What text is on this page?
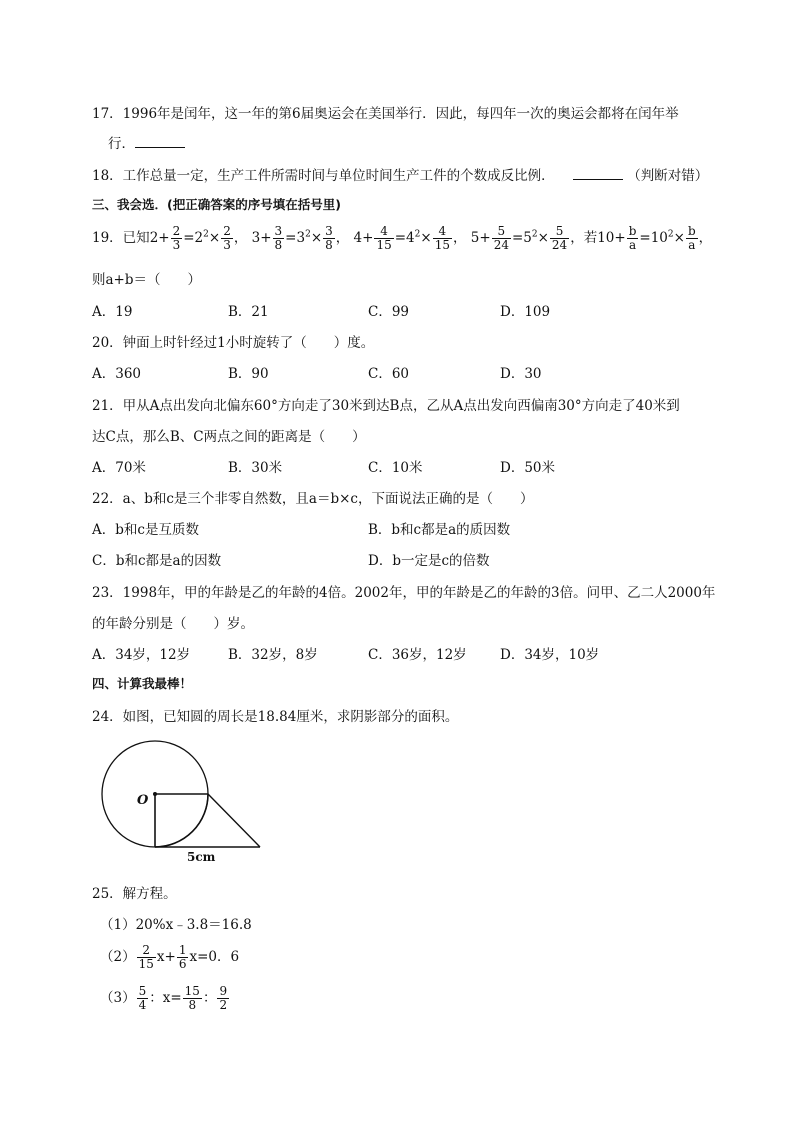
17．1996年是闰年，这一年的第6届奥运会在美国举行．因此，每四年一次的奥运会都将在闰年举
行．
18．工作总量一定，生产工件所需时间与单位时间生产工件的个数成反比例．	（判断对错）
三、我会选．(把正确答案的序号填在括号里)
19．已知$2+ \frac{2}{3} =2^2\times \frac{2}{3}$ ， $3+ \frac{3}{8} =3^2\times \frac{3}{8}$ ， $4+ \frac{4}{15} =4^2\times \frac{4}{15}$ ， $5+ \frac{5}{24} =5^2\times \frac{5}{24}$ ，若$10+ \frac{b}{a} =10^2\times \frac{b}{a}$ ，
则a+b＝（　　）
A．19	B．21	C．99	D．109
20．钟面上时针经过1小时旋转了（　　）度。
A．360	B．90	C．60	D．30
21．甲从A点出发向北偏东60°方向走了30米到达B点，乙从A点出发向西偏南30°方向走了40米到
达C点，那么B、C两点之间的距离是（　　）
A．70米	B．30米	C．10米	D．50米
22．a、b和c是三个非零自然数，且a＝b×c，下面说法正确的是（　　）
A．b和c是互质数	B．b和c都是a的质因数
C．b和c都是a的因数	D．b一定是c的倍数
23．1998年，甲的年龄是乙的年龄的4倍。2002年，甲的年龄是乙的年龄的3倍。问甲、乙二人2000年
的年龄分别是（　　）岁。
A．34岁，12岁	B．32岁，8岁	C．36岁，12岁 D．34岁，10岁
四、计算我最棒！
24．如图，已知圆的周长是18.84厘米，求阴影部分的面积。
O
5cm
25．解方程。
（1）20%x﹣3.8＝16.8
$(2) \frac{2}{15} x+ \frac{1}{6} x=0$．6
$(3) \frac{5}{4}$ ：$x= \frac{15}{8}$ ： $\frac{9}{2}$
